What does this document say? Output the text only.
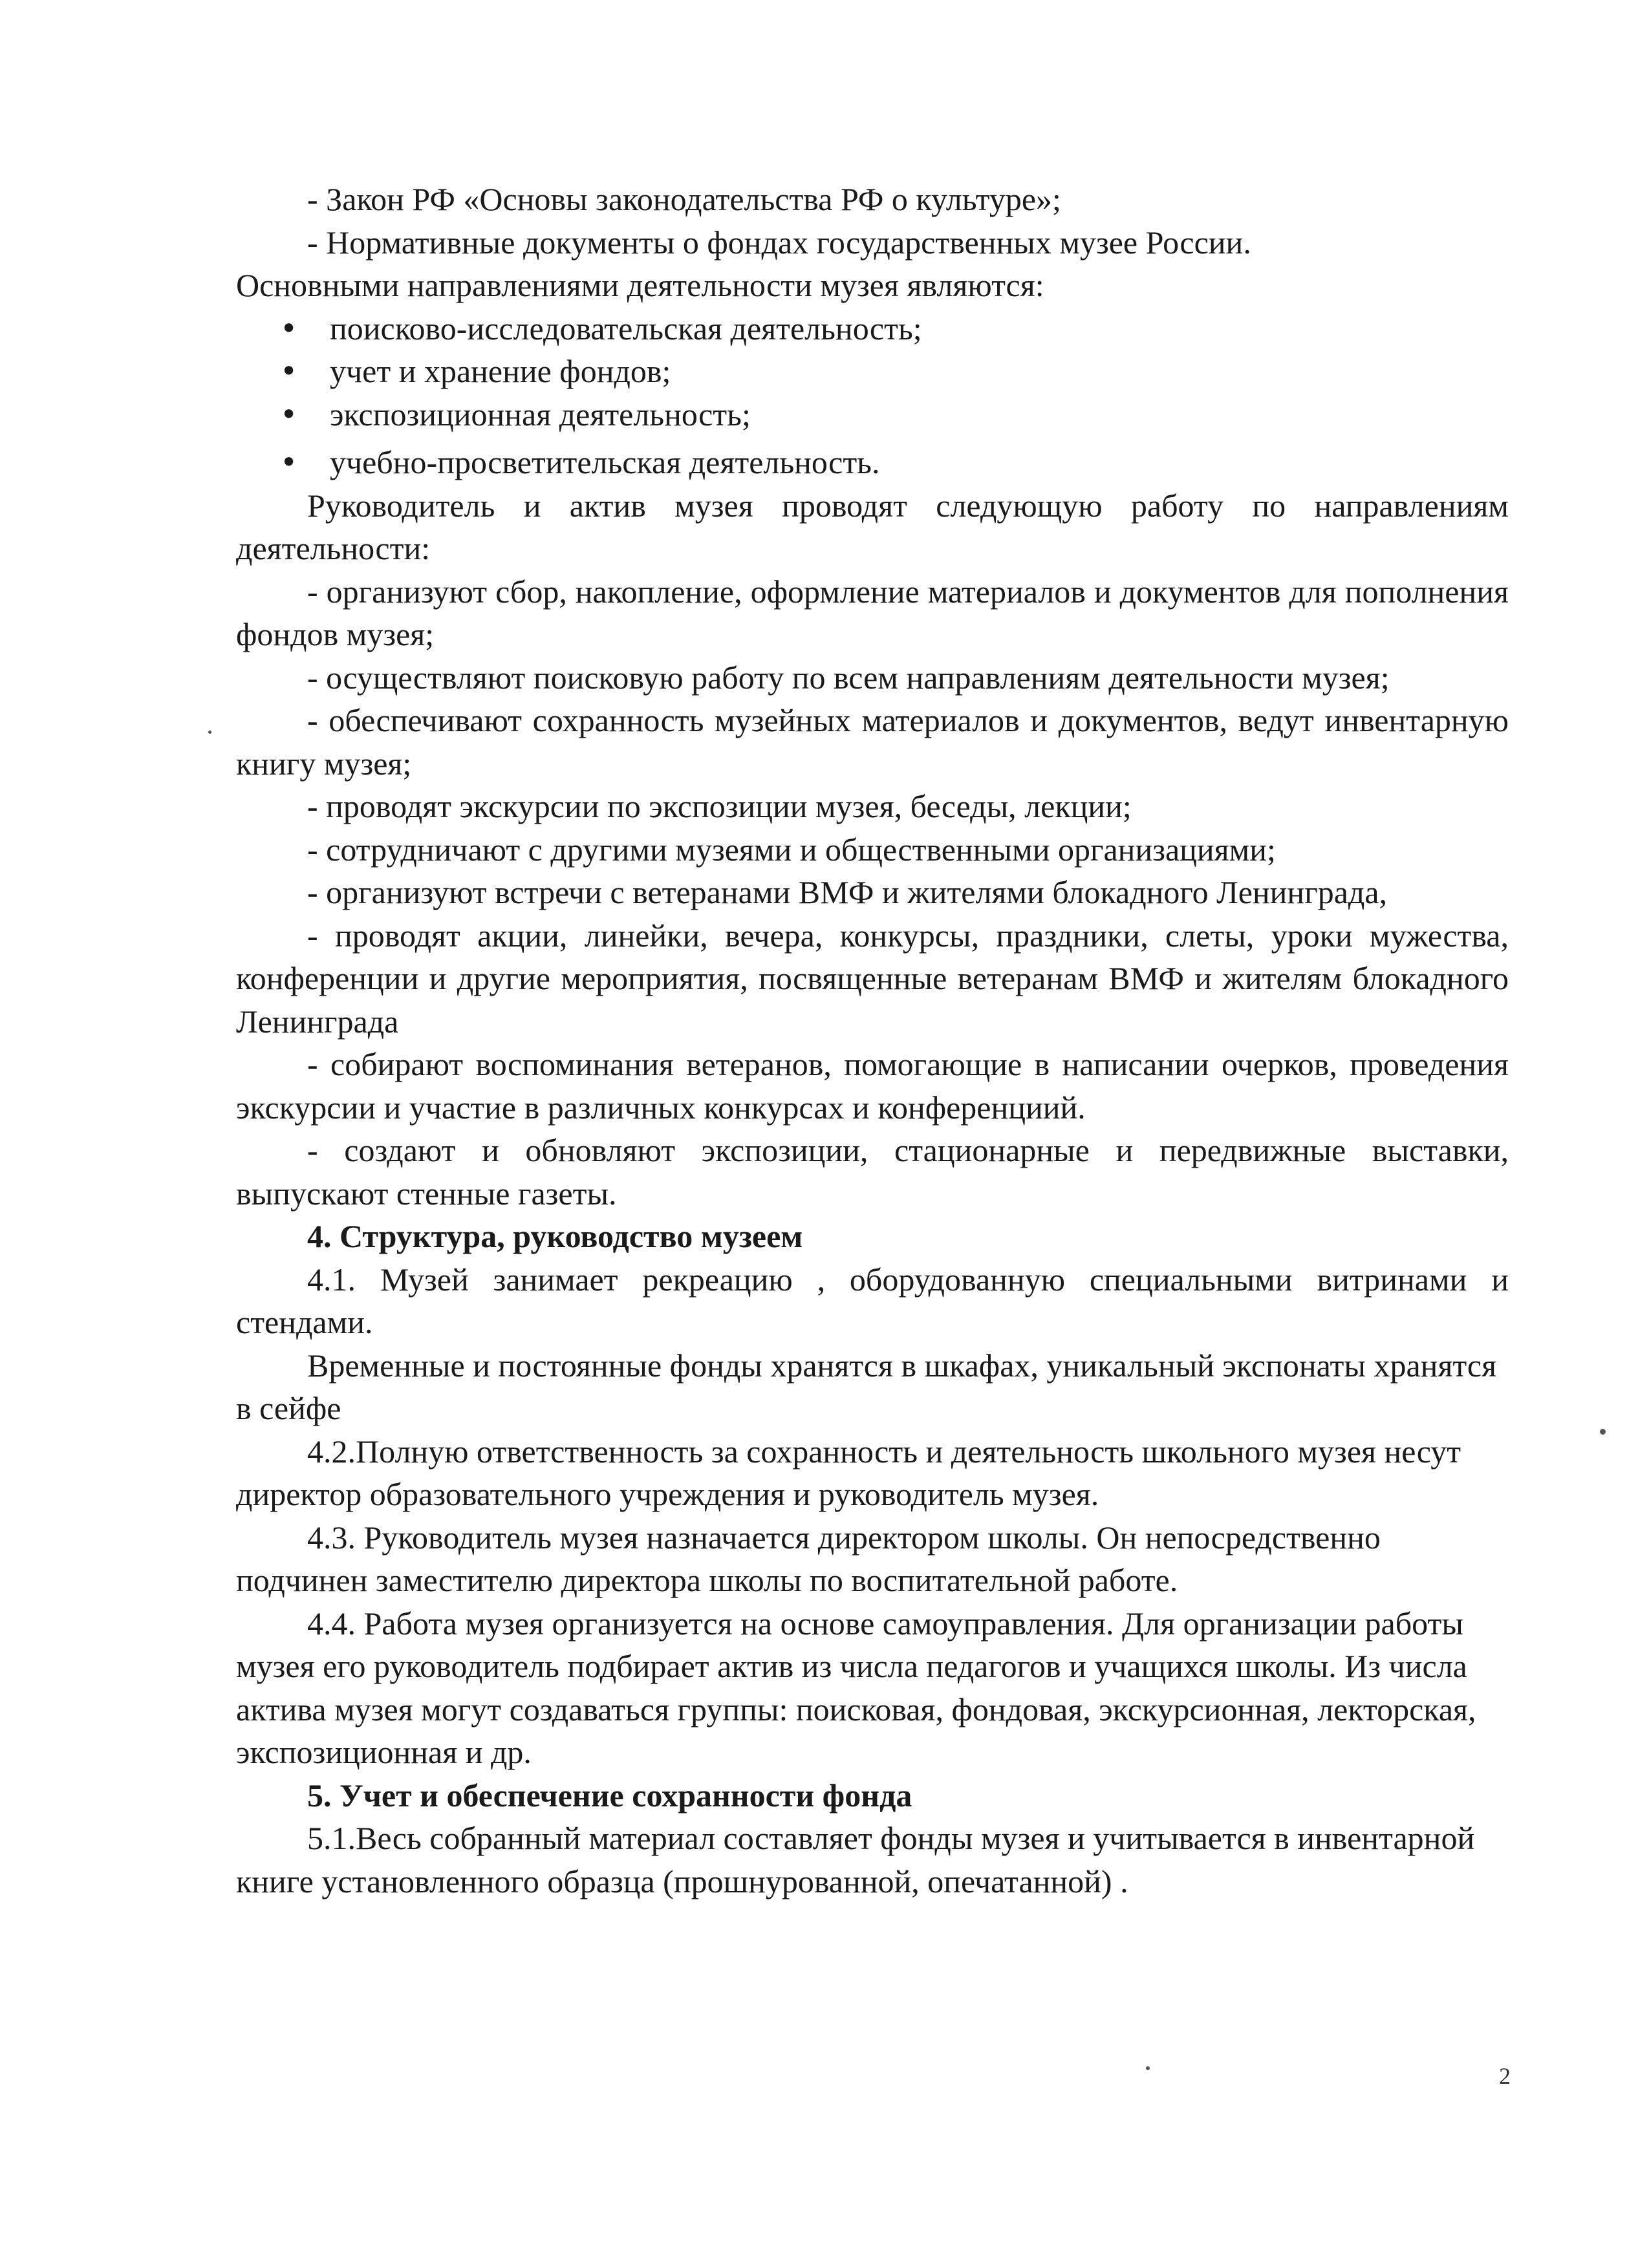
- Закон РФ «Основы законодательства РФ о культуре»;

- Нормативные документы о фондах государственных музее России.

Основными направлениями деятельности музея являются:

• поисково-исследовательская деятельность;
• учет и хранение фондов;
• экспозиционная деятельность;
• учебно-просветительская деятельность.

Руководитель и актив музея проводят следующую работу по направлениям деятельности:

- организуют сбор, накопление, оформление материалов и документов для пополнения фондов музея;

- осуществляют поисковую работу по всем направлениям деятельности музея;

- обеспечивают сохранность музейных материалов и документов, ведут инвентарную книгу музея;

- проводят экскурсии по экспозиции музея, беседы, лекции;

- сотрудничают с другими музеями и общественными организациями;

- организуют встречи с ветеранами ВМФ и жителями блокадного Ленинграда,

- проводят акции, линейки, вечера, конкурсы, праздники, слеты, уроки мужества, конференции и другие мероприятия, посвященные ветеранам ВМФ и жителям блокадного Ленинграда

- собирают воспоминания ветеранов, помогающие в написании очерков, проведения экскурсии и участие в различных конкурсах и конференциий.

- создают и обновляют экспозиции, стационарные и передвижные выставки, выпускают стенные газеты.

4. Структура, руководство музеем

4.1. Музей занимает рекреацию , оборудованную специальными витринами и стендами.

Временные и постоянные фонды хранятся в шкафах, уникальный экспонаты хранятся в сейфе

4.2.Полную ответственность за сохранность и деятельность школьного музея несут директор образовательного учреждения и руководитель музея.

4.3. Руководитель музея назначается директором школы. Он непосредственно подчинен заместителю директора школы по воспитательной работе.

4.4. Работа музея организуется на основе самоуправления. Для организации работы музея его руководитель подбирает актив из числа педагогов и учащихся школы. Из числа актива музея могут создаваться группы: поисковая, фондовая, экскурсионная, лекторская, экспозиционная и др.

5. Учет и обеспечение сохранности фонда

5.1.Весь собранный материал составляет фонды музея и учитывается в инвентарной книге установленного образца (прошнурованной, опечатанной) .

2
